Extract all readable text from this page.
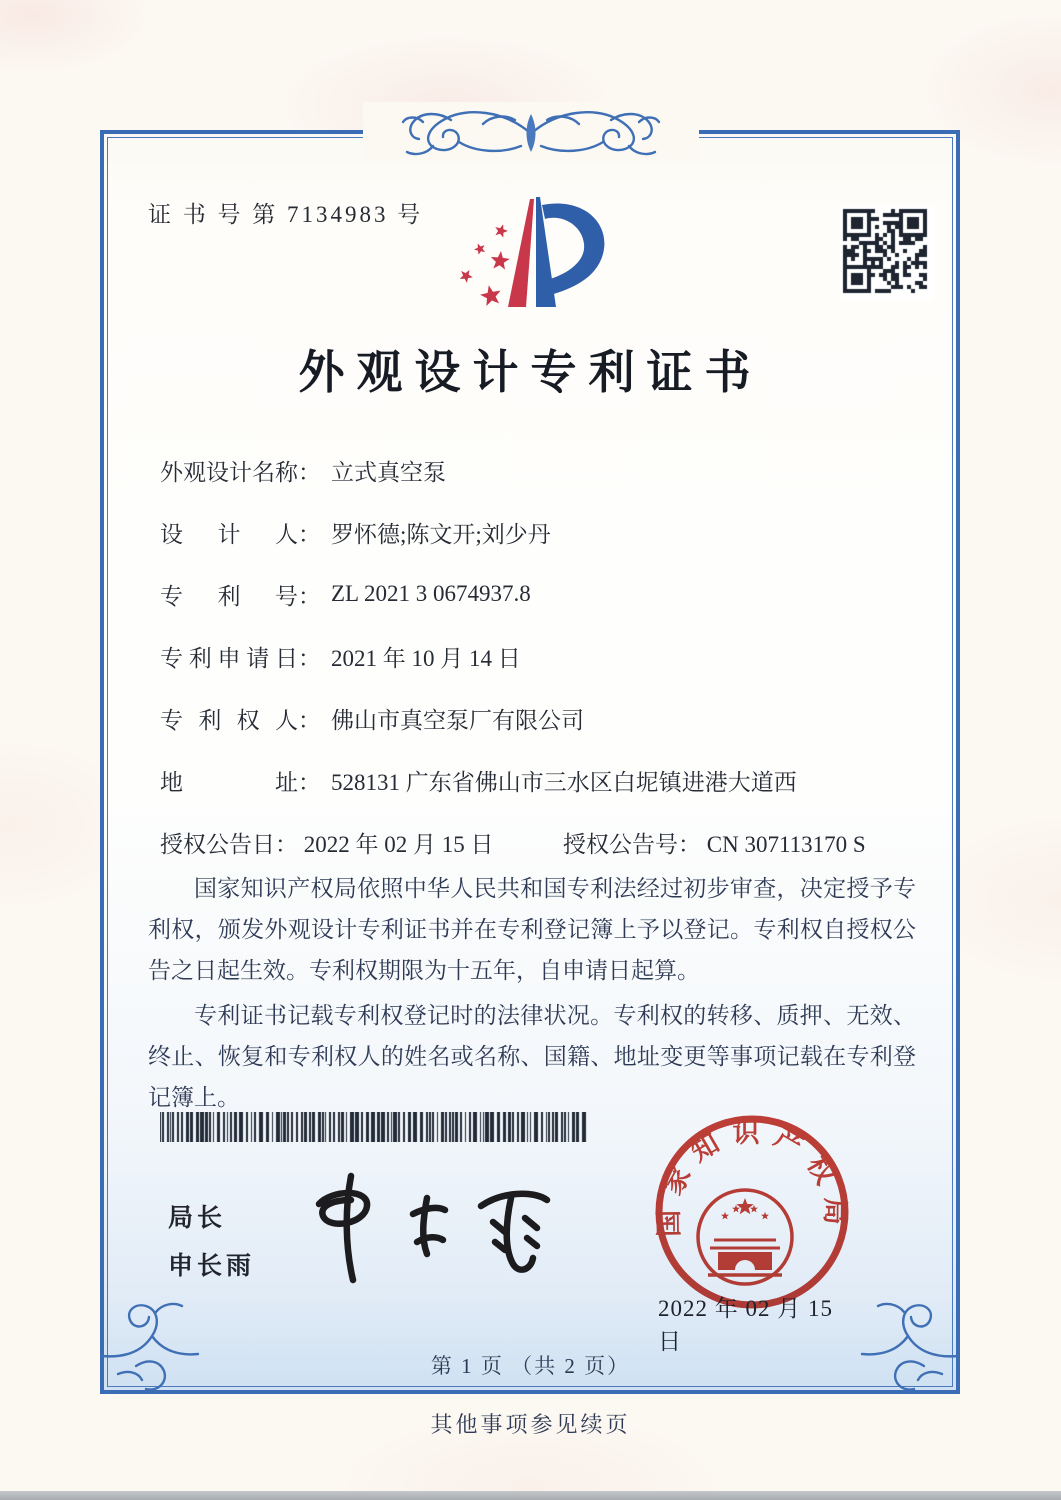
证 书 号 第 7134983 号
外观设计专利证书
外观设计名称 ： 立式真空泵
设计人 ： 罗怀德;陈文开;刘少丹
专利号 ： ZL 2021 3 0674937.8
专利申请日 ： 2021 年 10 月 14 日
专利权人 ： 佛山市真空泵厂有限公司
地址 ： 528131 广东省佛山市三水区白坭镇进港大道西
授权公告日： 2022 年 02 月 15 日	授权公告号： CN 307113170 S

国家知识产权局依照中华人民共和国专利法经过初步审查，决定授予专利权，颁发外观设计专利证书并在专利登记簿上予以登记。专利权自授权公告之日起生效。专利权期限为十五年，自申请日起算。

专利证书记载专利权登记时的法律状况。专利权的转移、质押、无效、终止、恢复和专利权人的姓名或名称、国籍、地址变更等事项记载在专利登记簿上。

局长
申长雨
国家知识产权局
2022 年 02 月 15 日
第 1 页 （共 2 页）
其他事项参见续页
